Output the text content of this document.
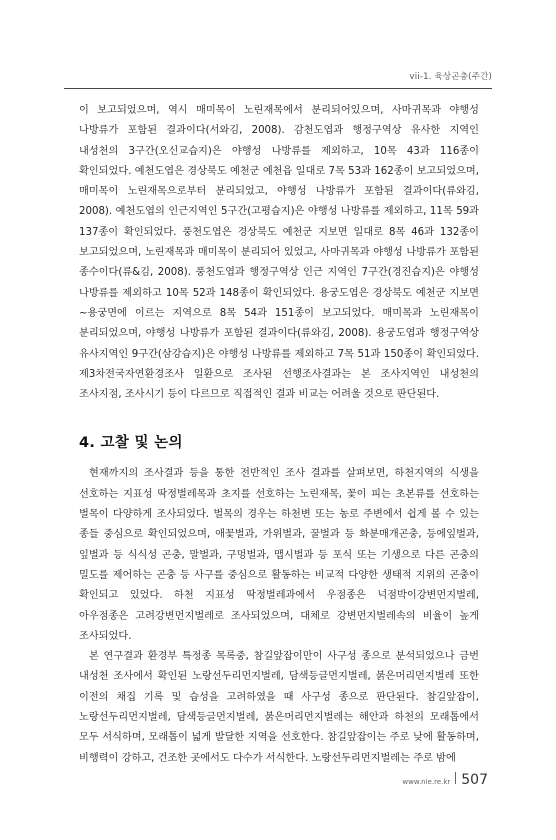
vii-1. 육상곤충(주간)

이 보고되었으며, 역시 매미목이 노린재목에서 분리되어있으며, 사마귀목과 야행성 나방류가 포함된 결과이다(서와김, 2008). 감천도엽과 행정구역상 유사한 지역인 내성천의 3구간(오신교습지)은 야행성 나방류를 제외하고, 10목 43과 116종이 확인되었다. 예천도엽은 경상북도 예천군 예천읍 일대로 7목 53과 162종이 보고되었으며, 매미목이 노린재목으로부터 분리되었고, 야행성 나방류가 포함된 결과이다(류와김, 2008). 예천도엽의 인근지역인 5구간(고평습지)은 야행성 나방류를 제외하고, 11목 59과 137종이 확인되었다. 풍천도엽은 경상북도 예천군 지보면 일대로 8목 46과 132종이 보고되었으며, 노린재목과 매미목이 분리되어 있었고, 사마귀목과 야행성 나방류가 포함된 종수이다(류&김, 2008). 풍천도엽과 행정구역상 인근 지역인 7구간(경진습지)은 야행성 나방류를 제외하고 10목 52과 148종이 확인되었다. 용궁도엽은 경상북도 예천군 지보면~용궁면에 이르는 지역으로 8목 54과 151종이 보고되었다. 매미목과 노린재목이 분리되었으며, 야행성 나방류가 포함된 결과이다(류와김, 2008). 용궁도엽과 행정구역상 유사지역인 9구간(삼강습지)은 야행성 나방류를 제외하고 7목 51과 150종이 확인되었다. 제3차전국자연환경조사 일환으로 조사된 선행조사결과는 본 조사지역인 내성천의 조사지점, 조사시기 등이 다르므로 직접적인 결과 비교는 어려울 것으로 판단된다.

4. 고찰 및 논의

현재까지의 조사결과 등을 통한 전반적인 조사 결과를 살펴보면, 하천지역의 식생을 선호하는 지표성 딱정벌레목과 초지를 선호하는 노린재목, 꽃이 피는 초본류를 선호하는 벌목이 다양하게 조사되었다. 벌목의 경우는 하천변 또는 농로 주변에서 쉽게 볼 수 있는 종들 중심으로 확인되었으며, 애꽃벌과, 가위벌과, 꿀벌과 등 화분매개곤충, 등에잎벌과, 잎벌과 등 식식성 곤충, 말벌과, 구멍벌과, 맵시벌과 등 포식 또는 기생으로 다른 곤충의 밀도를 제어하는 곤충 등 사구를 중심으로 활동하는 비교적 다양한 생태적 지위의 곤충이 확인되고 있었다. 하천 지표성 딱정벌레과에서 우점종은 넉점박이강변먼지벌레, 아우점종은 고려강변먼지벌레로 조사되었으며, 대체로 강변먼지벌레속의 비율이 높게 조사되었다.

본 연구결과 환경부 특정종 목록중, 참길앞잡이만이 사구성 종으로 분석되었으나 금번 내성천 조사에서 확인된 노랑선두리먼지벌레, 담색등글먼지벌레, 붉은머리먼지벌레 또한 이전의 채집 기록 및 습성을 고려하였을 때 사구성 종으로 판단된다. 참길앞잡이, 노랑선두리먼지벌레, 담색등글먼지벌레, 붉은머리먼지벌레는 해안과 하천의 모래톱에서 모두 서식하며, 모래톱이 넓게 발달한 지역을 선호한다. 참길앞잡이는 주로 낮에 활동하며, 비행력이 강하고, 건조한 곳에서도 다수가 서식한다. 노랑선두리먼지벌레는 주로 밤에

www.nie.re.kr 507
